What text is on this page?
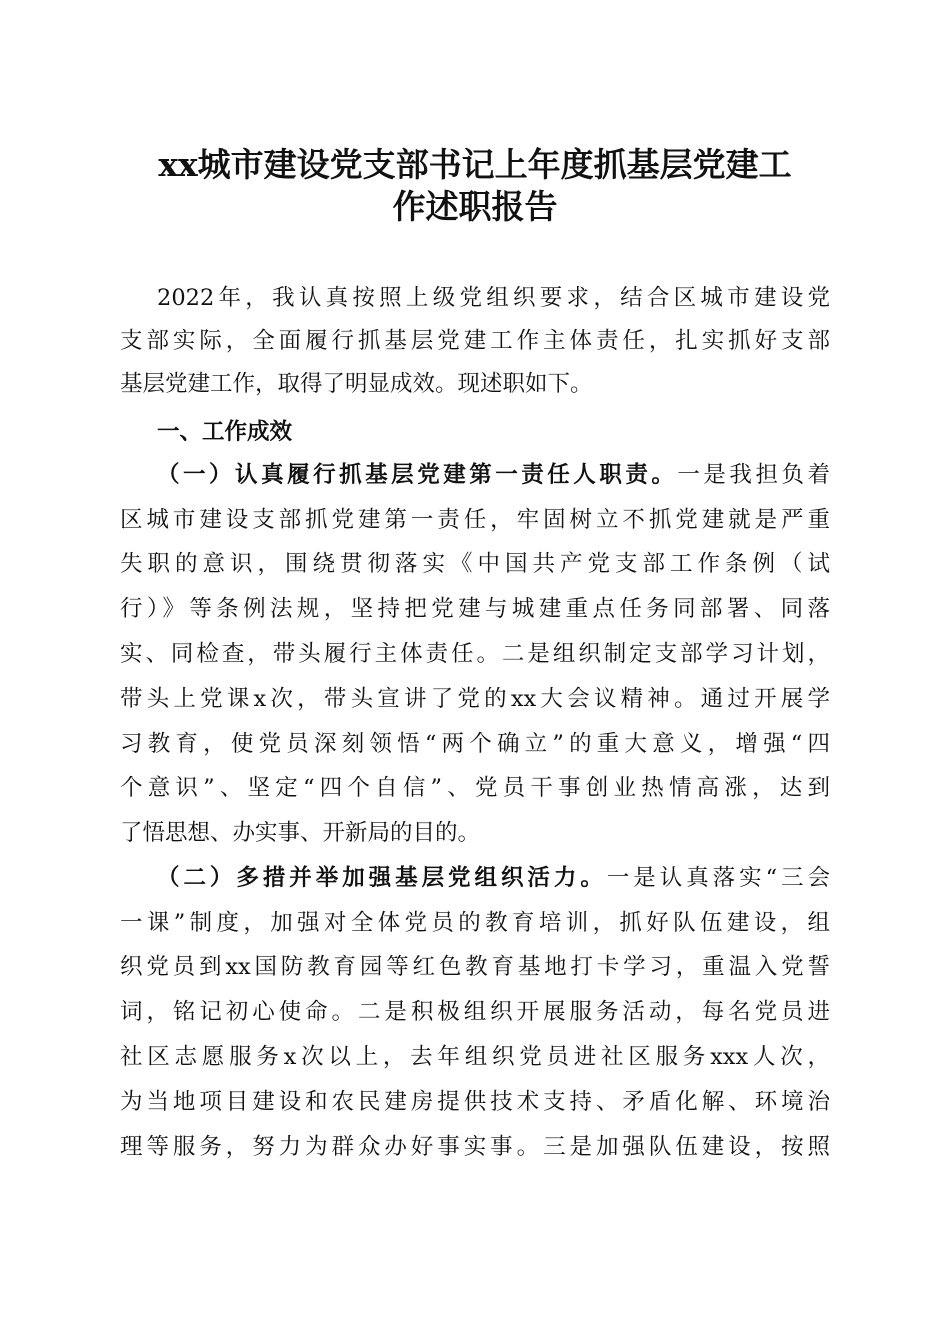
xx城市建设党支部书记上年度抓基层党建工
作述职报告
2022年，我认真按照上级党组织要求，结合区城市建设党
支部实际，全面履行抓基层党建工作主体责任，扎实抓好支部
基层党建工作，取得了明显成效。现述职如下。
一、工作成效
（一）认真履行抓基层党建第一责任人职责。一是我担负着
区城市建设支部抓党建第一责任，牢固树立不抓党建就是严重
失职的意识，围绕贯彻落实《中国共产党支部工作条例（试
行）》等条例法规，坚持把党建与城建重点任务同部署、同落
实、同检查，带头履行主体责任。二是组织制定支部学习计划，
带头上党课x次，带头宣讲了党的xx大会议精神。通过开展学
习教育，使党员深刻领悟“两个确立”的重大意义，增强“四
个意识”、坚定“四个自信”、党员干事创业热情高涨，达到
了悟思想、办实事、开新局的目的。
（二）多措并举加强基层党组织活力。一是认真落实“三会
一课”制度，加强对全体党员的教育培训，抓好队伍建设，组
织党员到xx国防教育园等红色教育基地打卡学习，重温入党誓
词，铭记初心使命。二是积极组织开展服务活动，每名党员进
社区志愿服务x次以上，去年组织党员进社区服务xxx人次，
为当地项目建设和农民建房提供技术支持、矛盾化解、环境治
理等服务，努力为群众办好事实事。三是加强队伍建设，按照
